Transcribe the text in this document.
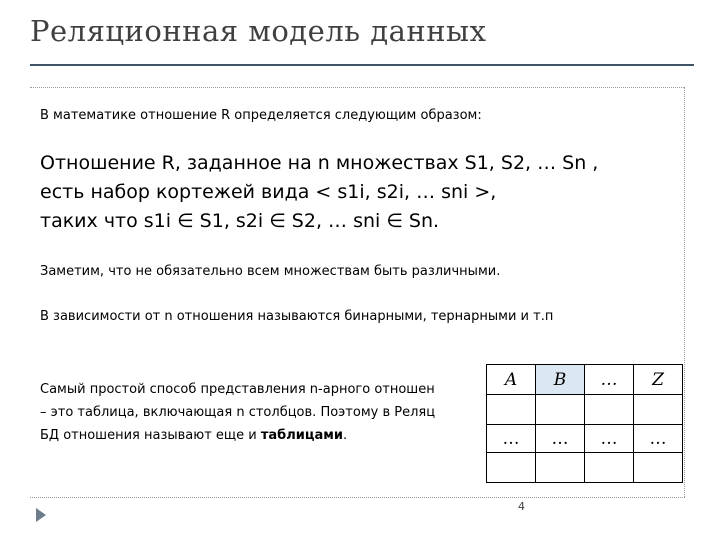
Реляционная модель данных
В математике отношение R определяется следующим образом:
Отношение R, заданное на n множествах S1, S2, … Sn ,
есть набор кортежей вида < s1i, s2i, … sni >,
таких что s1i ∈ S1, s2i ∈ S2, … sni ∈ Sn.
Заметим, что не обязательно всем множествам быть различными.
В зависимости от n отношения называются бинарными, тернарными и т.п
Самый простой способ представления n-арного отношен
– это таблица, включающая n столбцов. Поэтому в Реляц
БД отношения называют еще и таблицами.
A	B	…	Z

…	…	…	…

4
